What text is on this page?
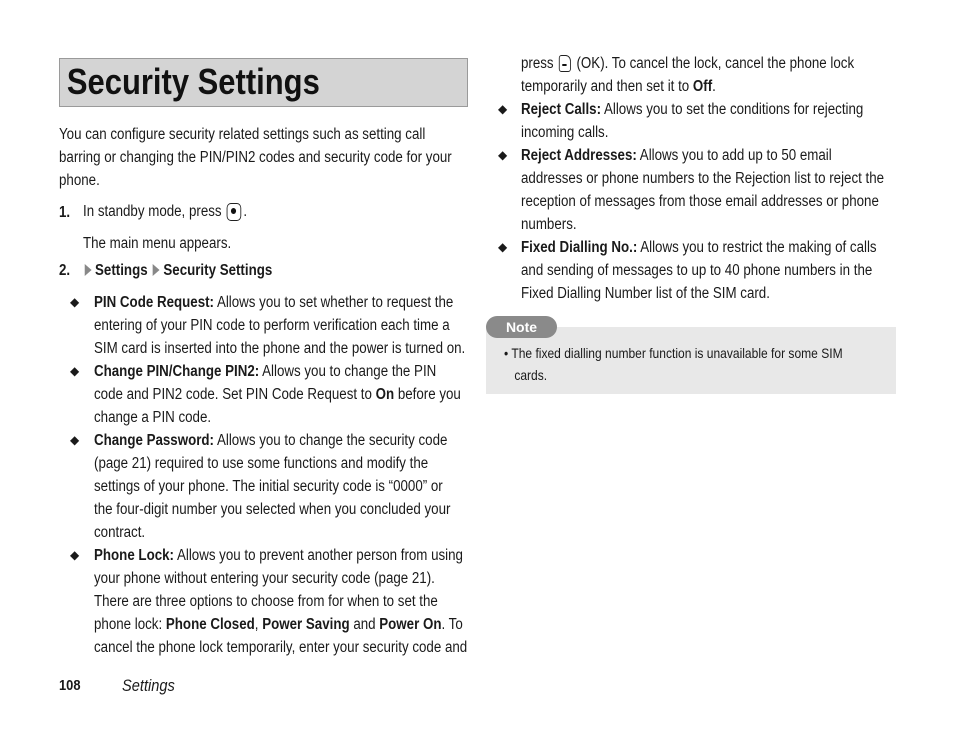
Security Settings
You can configure security related settings such as setting call
barring or changing the PIN/PIN2 codes and security code for your
phone.
1. In standby mode, press .
The main menu appears.
2.	Settings Security Settings
◆ PIN Code Request: Allows you to set whether to request the
entering of your PIN code to perform verification each time a
SIM card is inserted into the phone and the power is turned on.
◆ Change PIN/Change PIN2: Allows you to change the PIN
code and PIN2 code. Set PIN Code Request to On before you
change a PIN code.
◆ Change Password: Allows you to change the security code
(page 21) required to use some functions and modify the
settings of your phone. The initial security code is “0000” or
the four-digit number you selected when you concluded your
contract.
◆ Phone Lock: Allows you to prevent another person from using
your phone without entering your security code (page 21).
There are three options to choose from for when to set the
phone lock: Phone Closed, Power Saving and Power On. To
cancel the phone lock temporarily, enter your security code and
press (OK). To cancel the lock, cancel the phone lock
temporarily and then set it to Off.
◆ Reject Calls: Allows you to set the conditions for rejecting
incoming calls.
◆ Reject Addresses: Allows you to add up to 50 email
addresses or phone numbers to the Rejection list to reject the
reception of messages from those email addresses or phone
numbers.
◆ Fixed Dialling No.: Allows you to restrict the making of calls
and sending of messages to up to 40 phone numbers in the
Fixed Dialling Number list of the SIM card.
• The fixed dialling number function is unavailable for some SIM
cards.
Note
108 Settings
